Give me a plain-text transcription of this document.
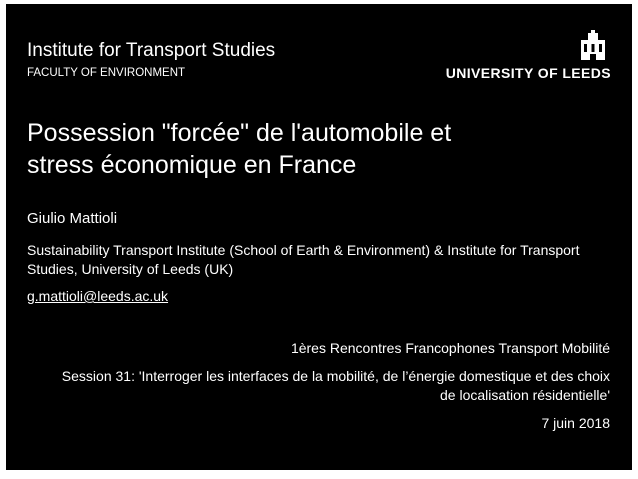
Institute for Transport Studies
FACULTY OF ENVIRONMENT	UNIVERSITY OF LEEDS
Possession "forcée" de l'automobile et
stress économique en France
Giulio Mattioli
Sustainability Transport Institute (School of Earth & Environment) & Institute for Transport Studies, University of Leeds (UK)
g.mattioli@leeds.ac.uk
1ères Rencontres Francophones Transport Mobilité
Session 31: 'Interroger les interfaces de la mobilité, de l’énergie domestique et des choix de localisation résidentielle'
7 juin 2018
